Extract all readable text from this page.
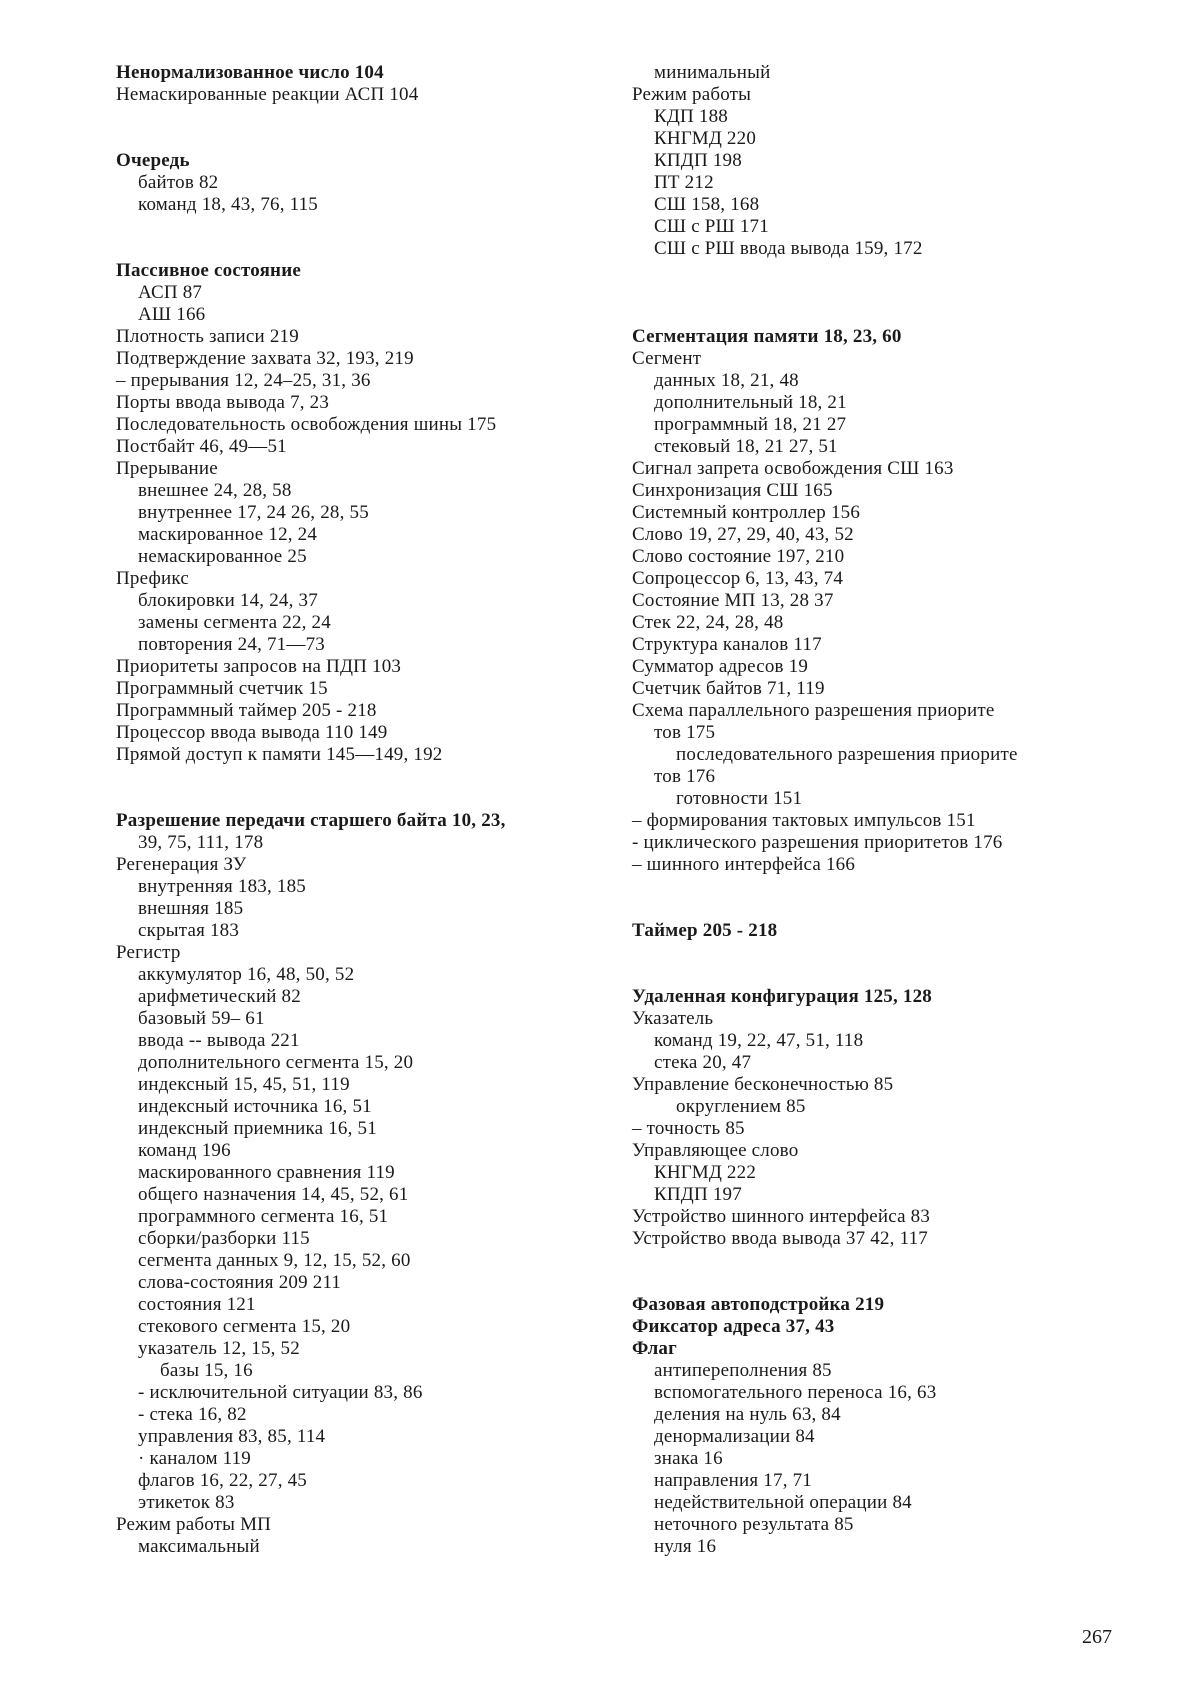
Ненормализованное число 104
Немаскированные реакции АСП 104
Очередь
байтов 82
команд 18, 43, 76, 115
Пассивное состояние
АСП 87
АШ 166
Плотность записи 219
Подтверждение захвата 32, 193, 219
– прерывания 12, 24–25, 31, 36
Порты ввода вывода 7, 23
Последовательность освобождения шины 175
Постбайт 46, 49—51
Прерывание
внешнее 24, 28, 58
внутреннее 17, 24 26, 28, 55
маскированное 12, 24
немаскированное 25
Префикс
блокировки 14, 24, 37
замены сегмента 22, 24
повторения 24, 71—73
Приоритеты запросов на ПДП 103
Программный счетчик 15
Программный таймер 205 - 218
Процессор ввода вывода 110 149
Прямой доступ к памяти 145—149, 192
Разрешение передачи старшего байта 10, 23,
39, 75, 111, 178
Регенерация ЗУ
внутренняя 183, 185
внешняя 185
скрытая 183
Регистр
аккумулятор 16, 48, 50, 52
арифметический 82
базовый 59– 61
ввода -- вывода 221
дополнительного сегмента 15, 20
индексный 15, 45, 51, 119
индексный источника 16, 51
индексный приемника 16, 51
команд 196
маскированного сравнения 119
общего назначения 14, 45, 52, 61
программного сегмента 16, 51
сборки/разборки 115
сегмента данных 9, 12, 15, 52, 60
слова-состояния 209 211
состояния 121
стекового сегмента 15, 20
указатель 12, 15, 52
базы 15, 16
- исключительной ситуации 83, 86
- стека 16, 82
управления 83, 85, 114
· каналом 119
флагов 16, 22, 27, 45
этикеток 83
Режим работы МП
максимальный
минимальный
Режим работы
КДП 188
КНГМД 220
КПДП 198
ПТ 212
СШ 158, 168
СШ с РШ 171
СШ с РШ ввода вывода 159, 172
Сегментация памяти 18, 23, 60
Сегмент
данных 18, 21, 48
дополнительный 18, 21
программный 18, 21 27
стековый 18, 21 27, 51
Сигнал запрета освобождения СШ 163
Синхронизация СШ 165
Системный контроллер 156
Слово 19, 27, 29, 40, 43, 52
Слово состояние 197, 210
Сопроцессор 6, 13, 43, 74
Состояние МП 13, 28 37
Стек 22, 24, 28, 48
Структура каналов 117
Сумматор адресов 19
Счетчик байтов 71, 119
Схема параллельного разрешения приорите
тов 175
последовательного разрешения приорите
тов 176
готовности 151
– формирования тактовых импульсов 151
- циклического разрешения приоритетов 176
– шинного интерфейса 166
Таймер 205 - 218
Удаленная конфигурация 125, 128
Указатель
команд 19, 22, 47, 51, 118
стека 20, 47
Управление бесконечностью 85
округлением 85
– точность 85
Управляющее слово
КНГМД 222
КПДП 197
Устройство шинного интерфейса 83
Устройство ввода вывода 37 42, 117
Фазовая автоподстройка 219
Фиксатор адреса 37, 43
Флаг
антипереполнения 85
вспомогательного переноса 16, 63
деления на нуль 63, 84
денормализации 84
знака 16
направления 17, 71
недействительной операции 84
неточного результата 85
нуля 16
267
